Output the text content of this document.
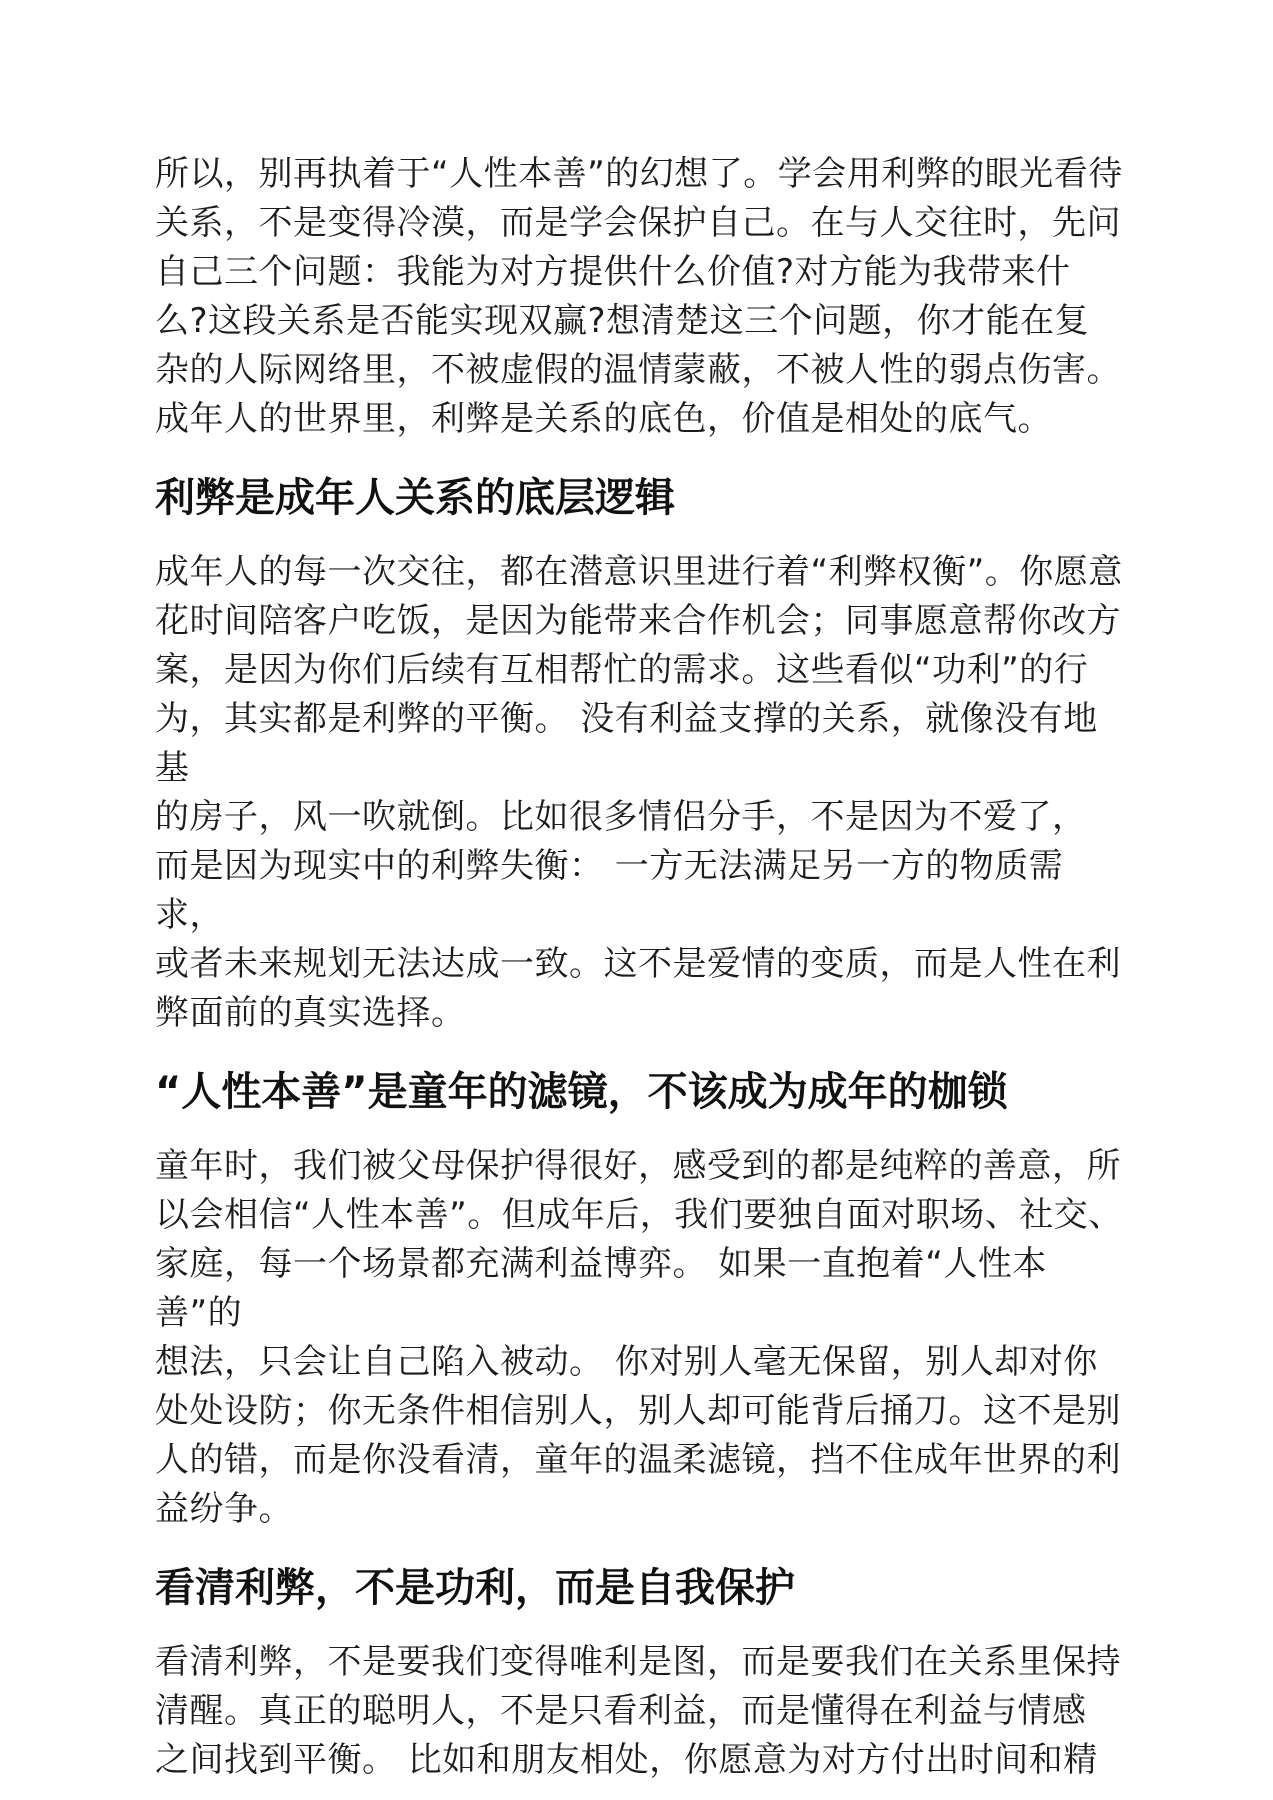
所以，别再执着于“人性本善”的幻想了。学会用利弊的眼光看待
关系，不是变得冷漠，而是学会保护自己。在与人交往时，先问
自己三个问题：我能为对方提供什么价值?对方能为我带来什
么?这段关系是否能实现双赢?想清楚这三个问题，你才能在复
杂的人际网络里，不被虚假的温情蒙蔽，不被人性的弱点伤害。
成年人的世界里，利弊是关系的底色，价值是相处的底气。

利弊是成年人关系的底层逻辑

成年人的每一次交往，都在潜意识里进行着“利弊权衡”。你愿意
花时间陪客户吃饭，是因为能带来合作机会；同事愿意帮你改方
案，是因为你们后续有互相帮忙的需求。这些看似“功利”的行
为，其实都是利弊的平衡。 没有利益支撑的关系，就像没有地基
的房子，风一吹就倒。比如很多情侣分手，不是因为不爱了，
而是因为现实中的利弊失衡： 一方无法满足另一方的物质需求，
或者未来规划无法达成一致。这不是爱情的变质，而是人性在利
弊面前的真实选择。

“人性本善”是童年的滤镜，不该成为成年的枷锁

童年时，我们被父母保护得很好，感受到的都是纯粹的善意，所
以会相信“人性本善”。但成年后，我们要独自面对职场、社交、
家庭，每一个场景都充满利益博弈。 如果一直抱着“人性本善”的
想法，只会让自己陷入被动。 你对别人毫无保留，别人却对你
处处设防；你无条件相信别人，别人却可能背后捅刀。这不是别
人的错，而是你没看清，童年的温柔滤镜，挡不住成年世界的利
益纷争。

看清利弊，不是功利，而是自我保护

看清利弊，不是要我们变得唯利是图，而是要我们在关系里保持
清醒。真正的聪明人，不是只看利益，而是懂得在利益与情感
之间找到平衡。 比如和朋友相处，你愿意为对方付出时间和精
